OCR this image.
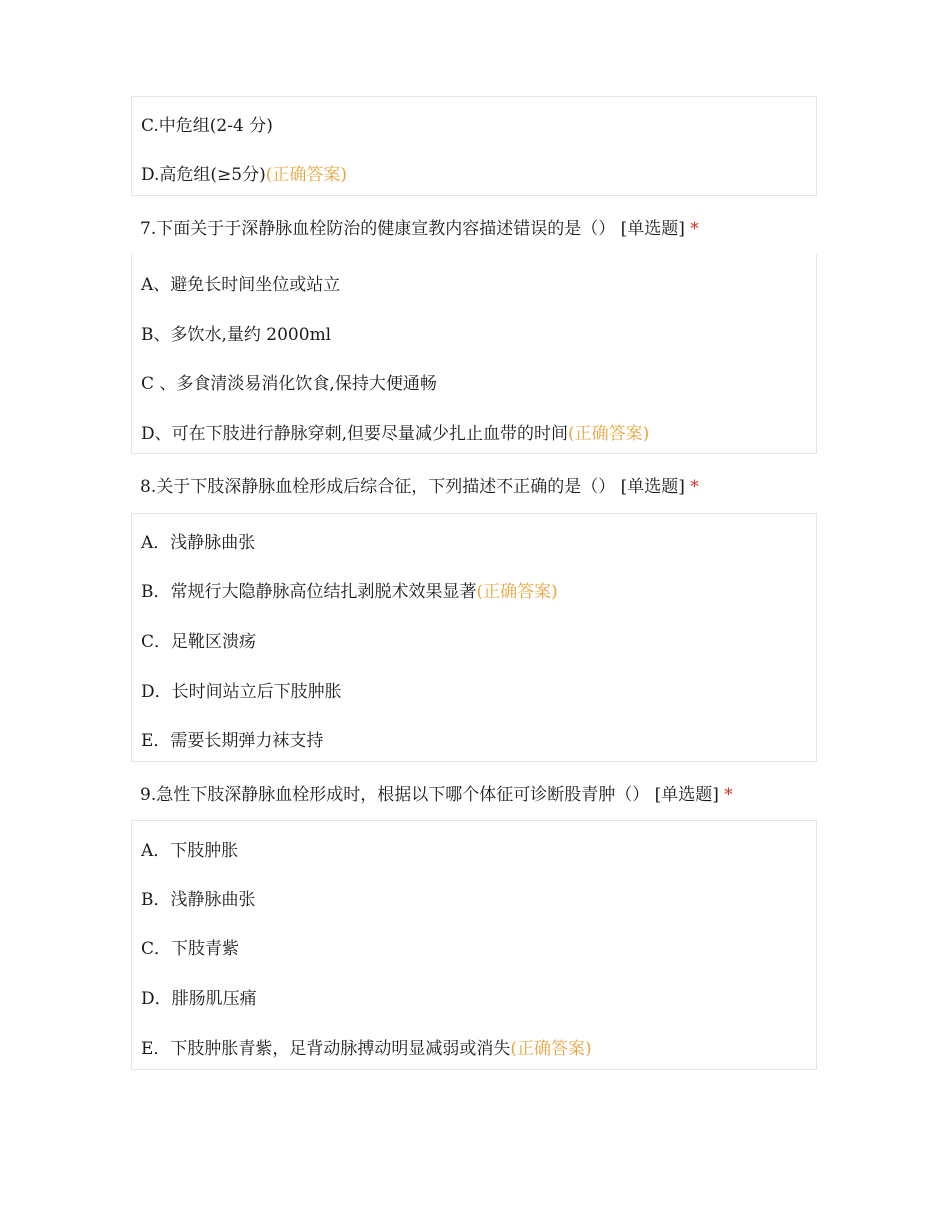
C.中危组(2-4 分)
D.高危组(≥5分)(正确答案)
7.下面关于于深静脉血栓防治的健康宣教内容描述错误的是（） [单选题] *
A、避免长时间坐位或站立
B、多饮水,量约 2000ml
C 、多食清淡易消化饮食,保持大便通畅
D、可在下肢进行静脉穿刺,但要尽量减少扎止血带的时间(正确答案)
8.关于下肢深静脉血栓形成后综合征，下列描述不正确的是（） [单选题] *
A．浅静脉曲张
B．常规行大隐静脉高位结扎剥脱术效果显著(正确答案)
C．足靴区溃疡
D．长时间站立后下肢肿胀
E．需要长期弹力袜支持
9.急性下肢深静脉血栓形成时，根据以下哪个体征可诊断股青肿（） [单选题] *
A．下肢肿胀
B．浅静脉曲张
C．下肢青紫
D．腓肠肌压痛
E．下肢肿胀青紫，足背动脉搏动明显减弱或消失(正确答案)
